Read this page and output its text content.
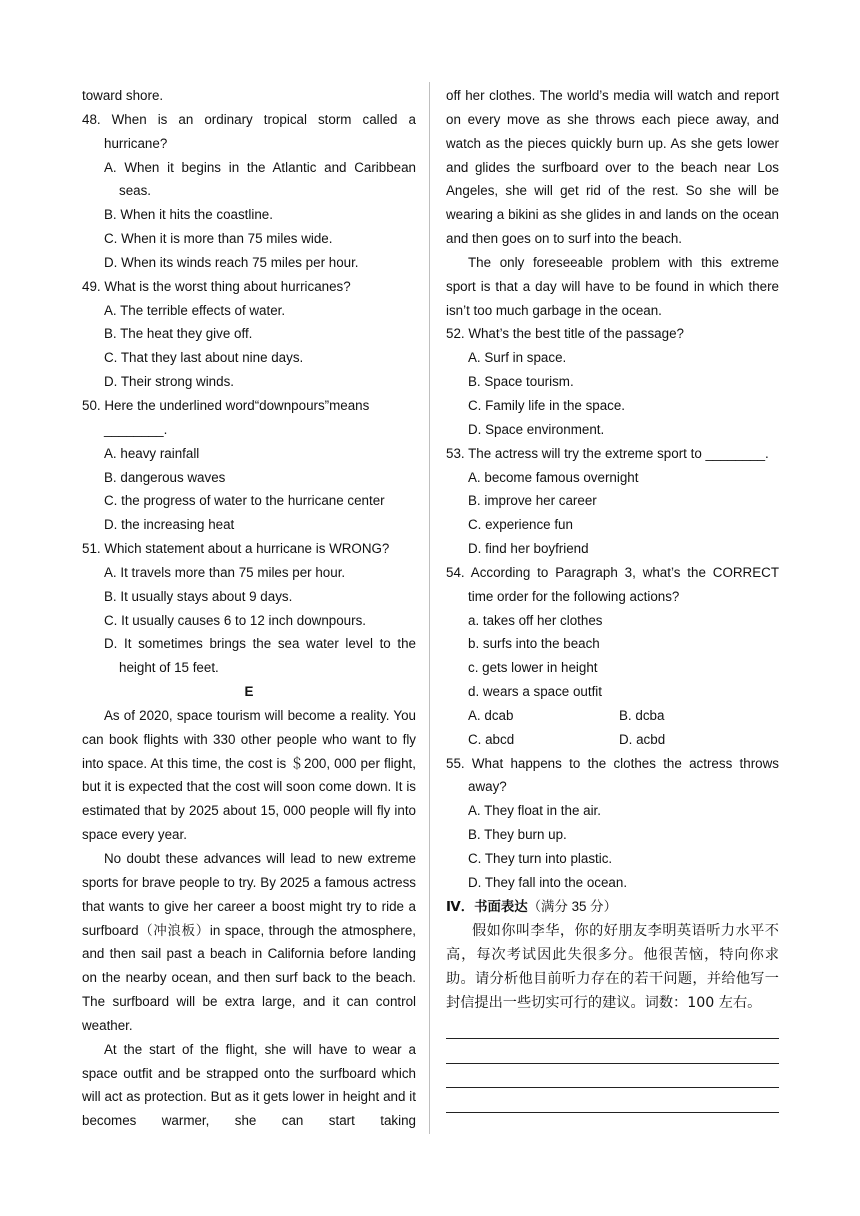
toward shore.

48. When is an ordinary tropical storm called a hurricane?

A. When it begins in the Atlantic and Caribbean seas.

B. When it hits the coastline.

C. When it is more than 75 miles wide.

D. When its winds reach 75 miles per hour.

49. What is the worst thing about hurricanes?

A. The terrible effects of water.

B. The heat they give off.

C. That they last about nine days.

D. Their strong winds.

50. Here the underlined word“downpours”means

________.

A. heavy rainfall

B. dangerous waves

C. the progress of water to the hurricane center

D. the increasing heat

51. Which statement about a hurricane is WRONG?

A. It travels more than 75 miles per hour.

B. It usually stays about 9 days.

C. It usually causes 6 to 12 inch downpours.

D. It sometimes brings the sea water level to the height of 15 feet.

E

As of 2020, space tourism will become a reality. You can book flights with 330 other people who want to fly into space. At this time, the cost is ＄200, 000 per flight, but it is expected that the cost will soon come down. It is estimated that by 2025 about 15, 000 people will fly into space every year.

No doubt these advances will lead to new extreme sports for brave people to try. By 2025 a famous actress that wants to give her career a boost might try to ride a surfboard（冲浪板）in space, through the atmosphere, and then sail past a beach in California before landing on the nearby ocean, and then surf back to the beach. The surfboard will be extra large, and it can control weather.

At the start of the flight, she will have to wear a space outfit and be strapped onto the surfboard which will act as protection. But as it gets lower in height and it becomes warmer, she can start taking

off her clothes. The world’s media will watch and report on every move as she throws each piece away, and watch as the pieces quickly burn up. As she gets lower and glides the surfboard over to the beach near Los Angeles, she will get rid of the rest. So she will be wearing a bikini as she glides in and lands on the ocean and then goes on to surf into the beach.

The only foreseeable problem with this extreme sport is that a day will have to be found in which there isn’t too much garbage in the ocean.

52. What’s the best title of the passage?

A. Surf in space.

B. Space tourism.

C. Family life in the space.

D. Space environment.

53. The actress will try the extreme sport to ________.

A. become famous overnight

B. improve her career

C. experience fun

D. find her boyfriend

54. According to Paragraph 3, what’s the CORRECT time order for the following actions?

a. takes off her clothes

b. surfs into the beach

c. gets lower in height

d. wears a space outfit

A. dcab	B. dcba
C. abcd	D. acbd

55. What happens to the clothes the actress throws away?

A. They float in the air.

B. They burn up.

C. They turn into plastic.

D. They fall into the ocean.

Ⅳ．书面表达（满分 35 分）

假如你叫李华，你的好朋友李明英语听力水平不高，每次考试因此失很多分。他很苦恼，特向你求助。请分析他目前听力存在的若干问题，并给他写一封信提出一些切实可行的建议。词数：100 左右。
